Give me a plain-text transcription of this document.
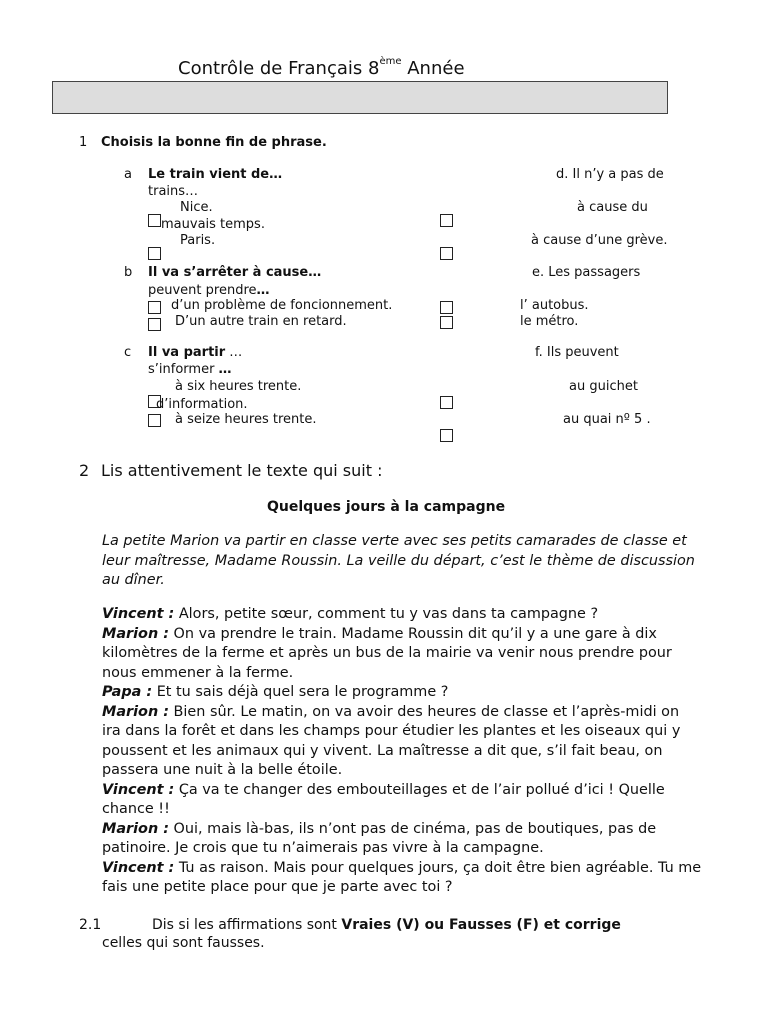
Contrôle de Français 8ème Année
1 Choisis la bonne fin de phrase.
a Le train vient de…	d. Il n’y a pas de
trains…
Nice.	à cause du
mauvais temps.
Paris.	à cause d’une grève.
b Il va s’arrêter à cause…	e. Les passagers
peuvent prendre…
d’un problème de foncionnement.	l’ autobus.
D’un autre train en retard.	le métro.
c Il va partir …	f. Ils peuvent
s’informer …
à six heures trente.	au guichet
d’information.
à seize heures trente.	au quai nº 5 .
2 Lis attentivement le texte qui suit :
Quelques jours à la campagne
La petite Marion va partir en classe verte avec ses petits camarades de classe et leur maîtresse, Madame Roussin. La veille du départ, c’est le thème de discussion au dîner.
Vincent : Alors, petite sœur, comment tu y vas dans ta campagne ?
Marion : On va prendre le train. Madame Roussin dit qu’il y a une gare à dix kilomètres de la ferme et après un bus de la mairie va venir nous prendre pour nous emmener à la ferme.
Papa : Et tu sais déjà quel sera le programme ?
Marion : Bien sûr. Le matin, on va avoir des heures de classe et l’après-midi on ira dans la forêt et dans les champs pour étudier les plantes et les oiseaux qui y poussent et les animaux qui y vivent. La maîtresse a dit que, s’il fait beau, on passera une nuit à la belle étoile.
Vincent : Ça va te changer des embouteillages et de l’air pollué d’ici ! Quelle chance !!
Marion : Oui, mais là-bas, ils n’ont pas de cinéma, pas de boutiques, pas de patinoire. Je crois que tu n’aimerais pas vivre à la campagne.
Vincent : Tu as raison. Mais pour quelques jours, ça doit être bien agréable. Tu me fais une petite place pour que je parte avec toi ?
2.1	Dis si les affirmations sont Vraies (V) ou Fausses (F) et corrige
celles qui sont fausses.
